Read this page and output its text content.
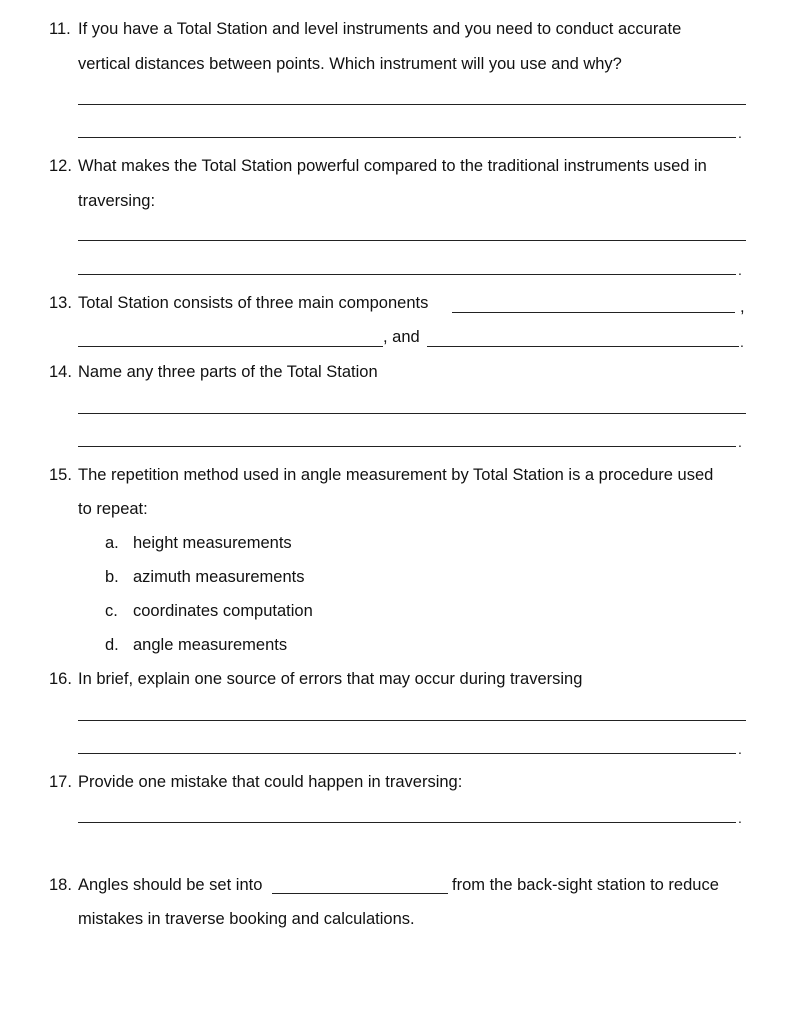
11. If you have a Total Station and level instruments and you need to conduct accurate
vertical distances between points. Which instrument will you use and why?
.
12. What makes the Total Station powerful compared to the traditional instruments used in
traversing:
.
13. Total Station consists of three main components	,
, and	.
14. Name any three parts of the Total Station
.
15. The repetition method used in angle measurement by Total Station is a procedure used
to repeat:
a. height measurements
b. azimuth measurements
c. coordinates computation
d. angle measurements
16. In brief, explain one source of errors that may occur during traversing
.
17. Provide one mistake that could happen in traversing:
.
18. Angles should be set into	from the back-sight station to reduce
mistakes in traverse booking and calculations.
